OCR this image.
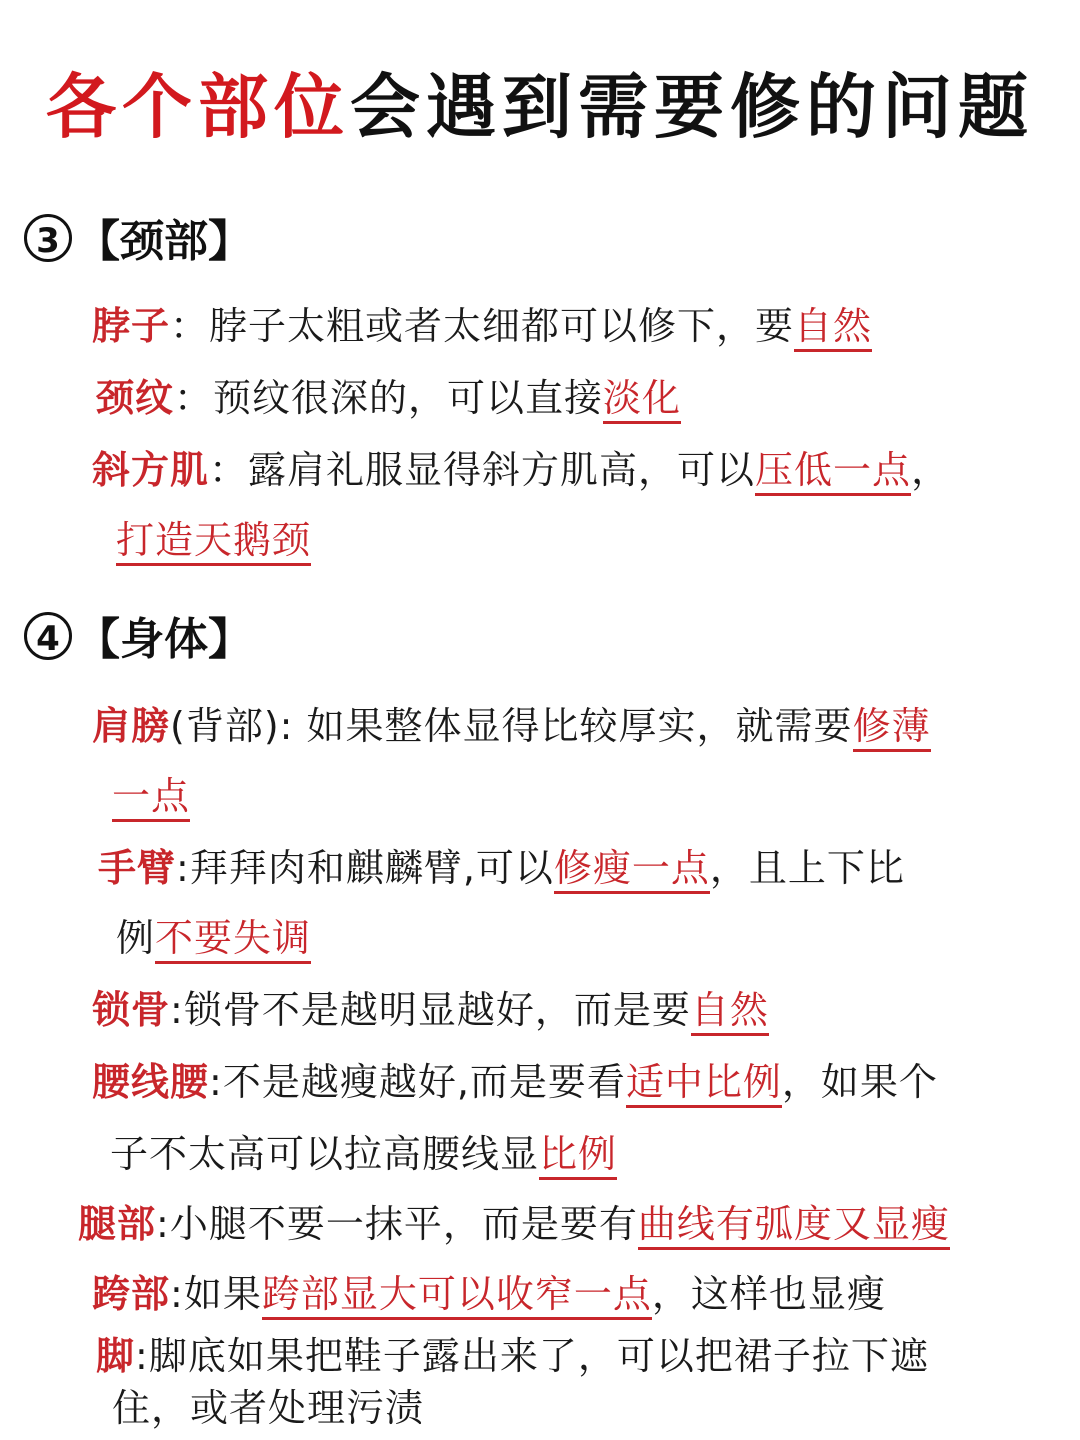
各个部位会遇到需要修的问题
3 【颈部】
脖子：脖子太粗或者太细都可以修下，要自然
颈纹：预纹很深的，可以直接淡化
斜方肌：露肩礼服显得斜方肌高，可以压低一点，
打造天鹅颈
4 【身体】
肩膀(背部): 如果整体显得比较厚实，就需要修薄
一点
手臂:拜拜肉和麒麟臂,可以修瘦一点，且上下比
例不要失调
锁骨:锁骨不是越明显越好，而是要自然
腰线腰:不是越瘦越好,而是要看适中比例，如果个
子不太高可以拉高腰线显比例
腿部:小腿不要一抹平，而是要有曲线有弧度又显瘦
跨部:如果跨部显大可以收窄一点，这样也显瘦
脚:脚底如果把鞋子露出来了，可以把裙子拉下遮
住，或者处理污渍
